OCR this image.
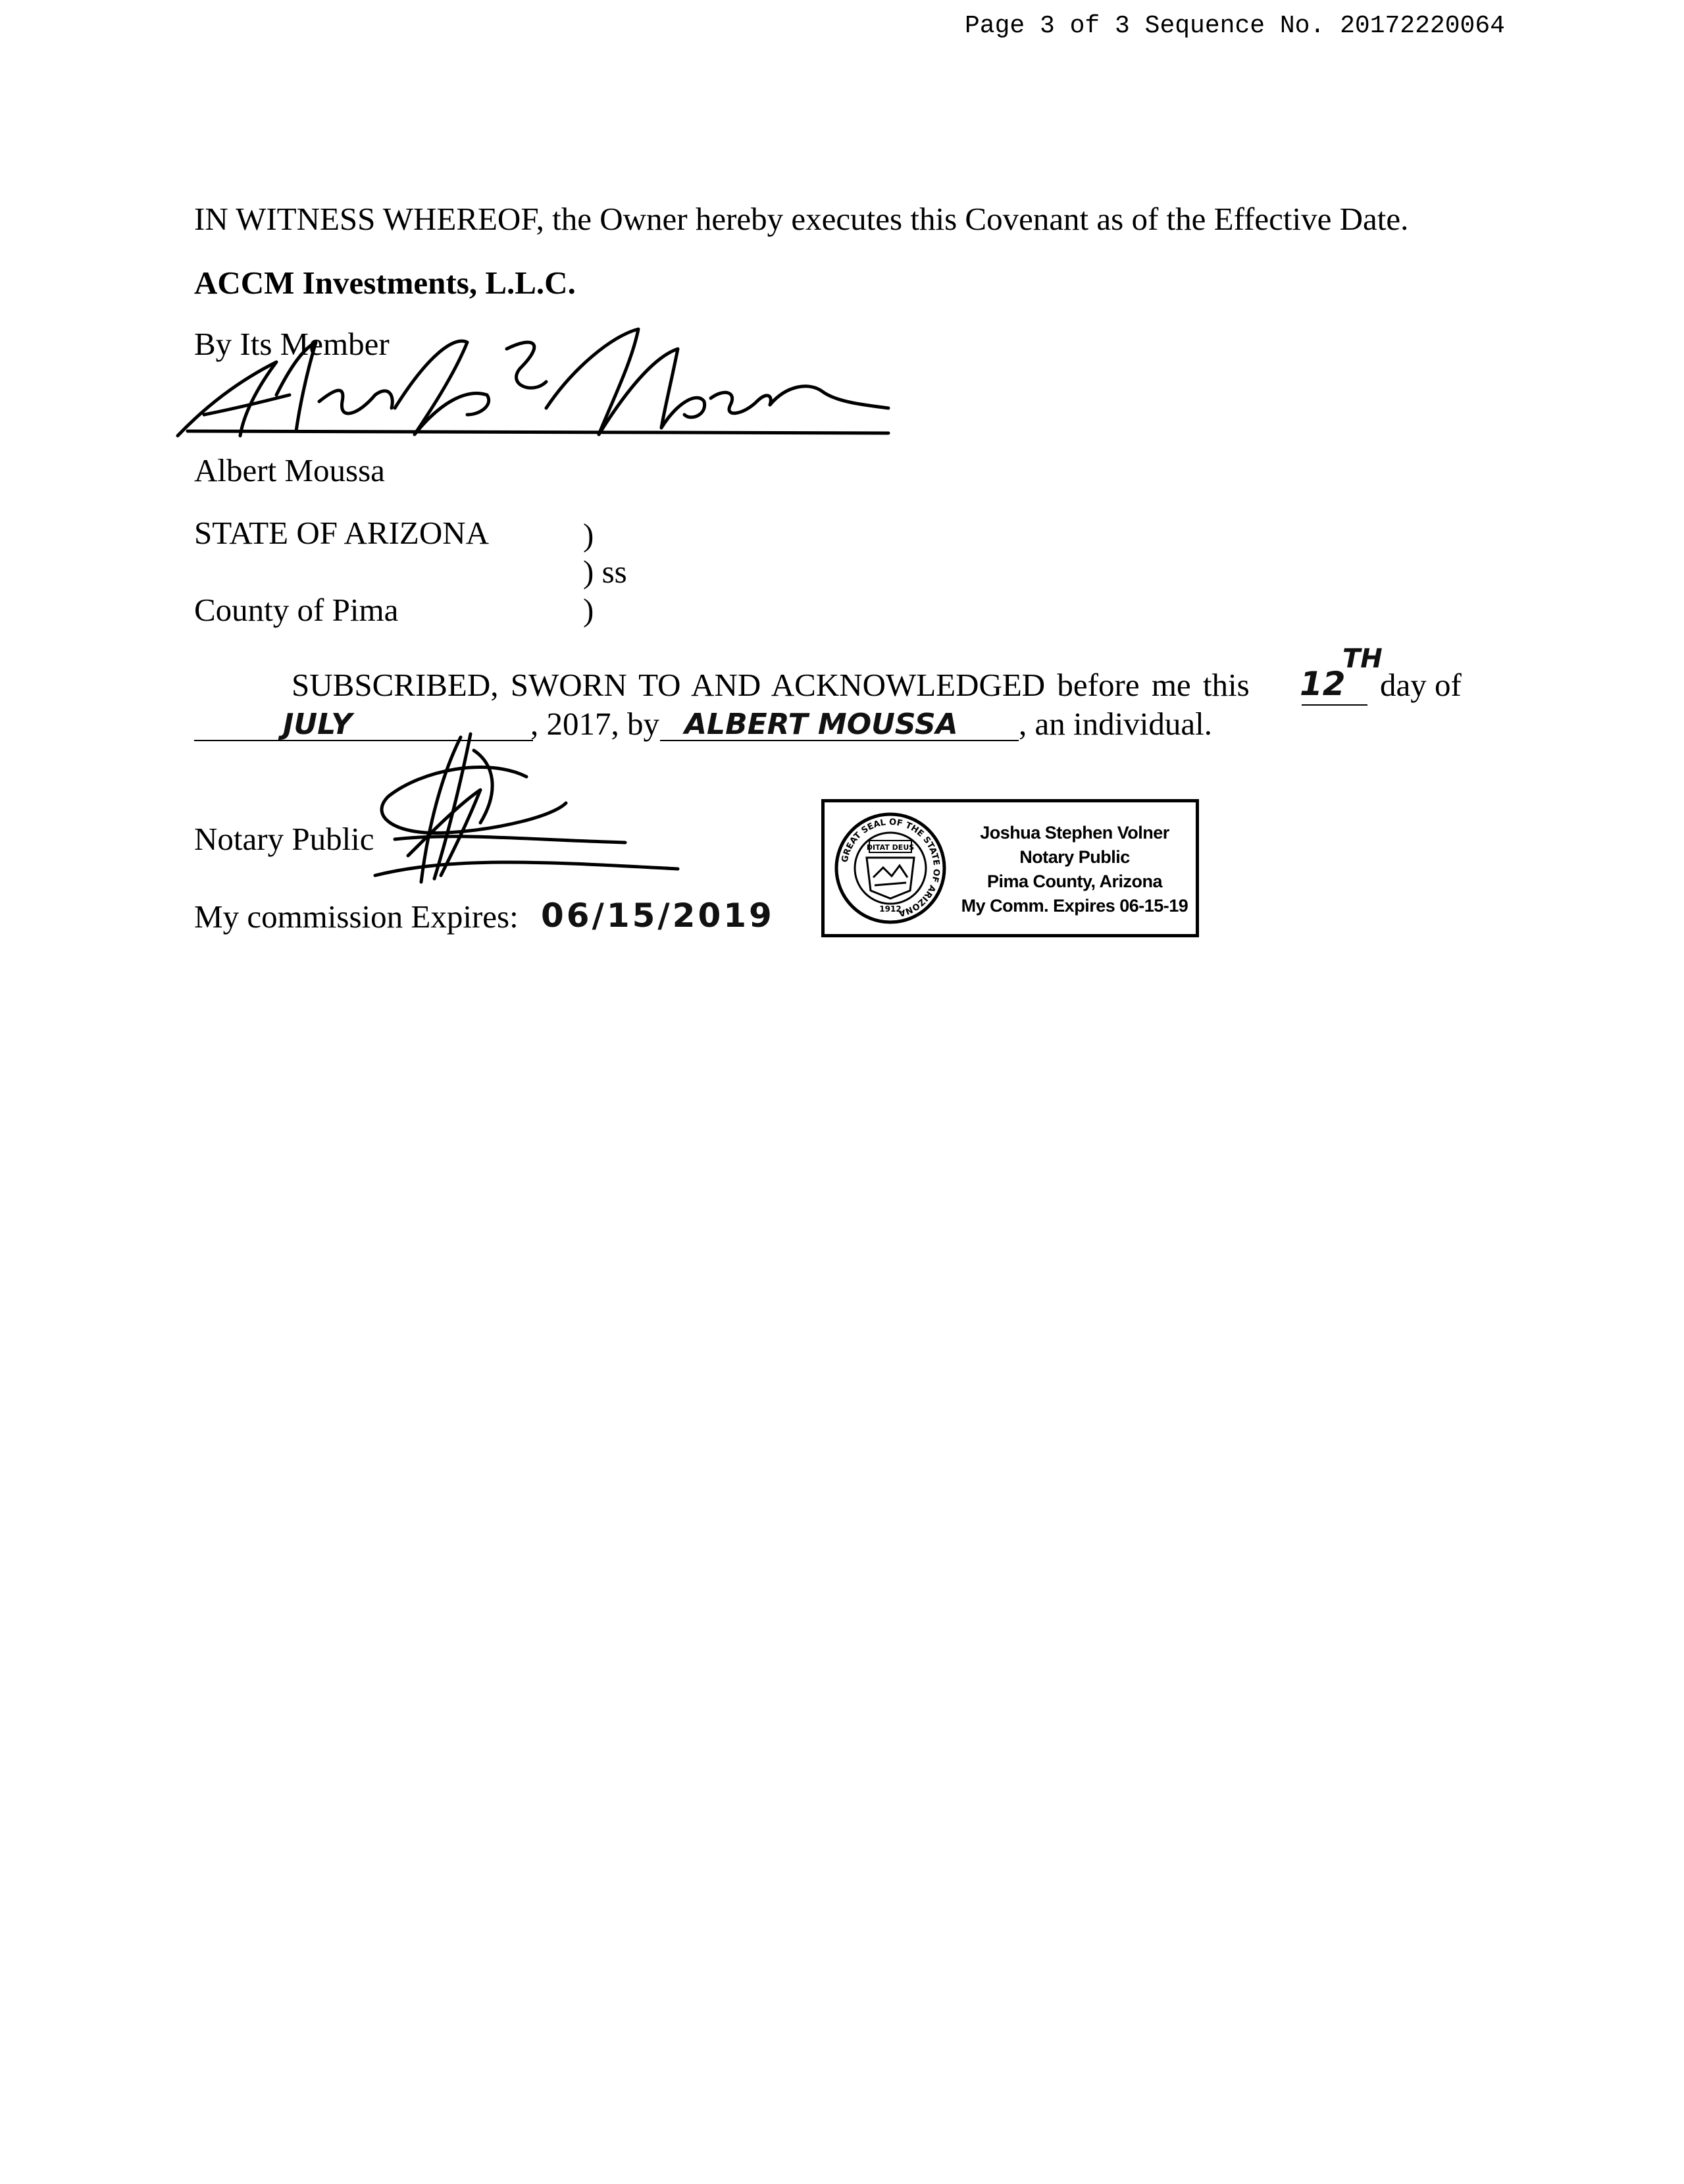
Page 3 of 3 Sequence No. 20172220064
IN WITNESS WHEREOF, the Owner hereby executes this Covenant as of the Effective Date.
ACCM Investments, L.L.C.
By Its Member
Albert Moussa
STATE OF ARIZONA	)
) ss
County of Pima	)
SUBSCRIBED, SWORN TO AND ACKNOWLEDGED before me this 12
TH
day of
JULY	, 2017, by ALBERT MOUSSA , an individual.
Notary Public
My commission Expires: 06/15/2019
GREAT SEAL OF THE STATE OF ARIZONA
DITAT DEUS
1912
Joshua Stephen Volner
Notary Public
Pima County, Arizona
My Comm. Expires 06-15-19
